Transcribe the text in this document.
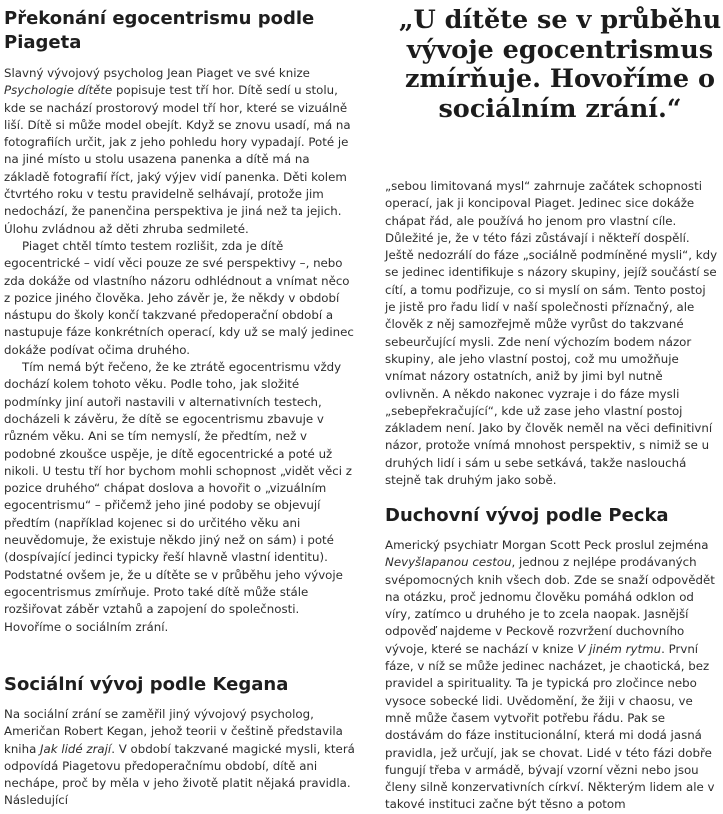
Překonání egocentrismu podle Piageta

Slavný vývojový psycholog Jean Piaget ve své knize Psychologie dítěte popisuje test tří hor. Dítě sedí u stolu, kde se nachází prostorový model tří hor, které se vizuálně liší. Dítě si může model obejít. Když se znovu usadí, má na fotografiích určit, jak z jeho pohledu hory vypadají. Poté je na jiné místo u stolu usazena panenka a dítě má na základě fotografií říct, jaký výjev vidí panenka. Děti kolem čtvrtého roku v testu pravidelně selhávají, protože jim nedochází, že panenčina perspektiva je jiná než ta jejich. Úlohu zvládnou až děti zhruba sedmileté.

Piaget chtěl tímto testem rozlišit, zda je dítě egocentrické – vidí věci pouze ze své perspektivy –, nebo zda dokáže od vlastního názoru odhlédnout a vnímat něco z pozice jiného člověka. Jeho závěr je, že někdy v období nástupu do školy končí takzvané předoperační období a nastupuje fáze konkrétních operací, kdy už se malý jedinec dokáže podívat očima druhého.

Tím nemá být řečeno, že ke ztrátě egocentrismu vždy dochází kolem tohoto věku. Podle toho, jak složité podmínky jiní autoři nastavili v alternativních testech, docházeli k závěru, že dítě se egocentrismu zbavuje v různém věku. Ani se tím nemyslí, že předtím, než v podobné zkoušce uspěje, je dítě egocentrické a poté už nikoli. U testu tří hor bychom mohli schopnost „vidět věci z pozice druhého“ chápat doslova a hovořit o „vizuálním egocentrismu“ – přičemž jeho jiné podoby se objevují předtím (například kojenec si do určitého věku ani neuvědomuje, že existuje někdo jiný než on sám) i poté (dospívající jedinci typicky řeší hlavně vlastní identitu). Podstatné ovšem je, že u dítěte se v průběhu jeho vývoje egocentrismus zmírňuje. Proto také dítě může stále rozšiřovat záběr vztahů a zapojení do společnosti. Hovoříme o sociálním zrání.

Sociální vývoj podle Kegana

Na sociální zrání se zaměřil jiný vývojový psycholog, Američan Robert Kegan, jehož teorii v češtině představila kniha Jak lidé zrají. V období takzvané magické mysli, která odpovídá Piagetovu předoperačnímu období, dítě ani nechápe, proč by měla v jeho životě platit nějaká pravidla. Následující

„U dítěte se v průběhu vývoje egocentrismus zmírňuje. Hovoříme o sociálním zrání.“

„sebou limitovaná mysl“ zahrnuje začátek schopnosti operací, jak ji koncipoval Piaget. Jedinec sice dokáže chápat řád, ale používá ho jenom pro vlastní cíle. Důležité je, že v této fázi zůstávají i někteří dospělí. Ještě nedozrálí do fáze „sociálně podmíněné mysli“, kdy se jedinec identifikuje s názory skupiny, jejíž součástí se cítí, a tomu podřizuje, co si myslí on sám. Tento postoj je jistě pro řadu lidí v naší společnosti příznačný, ale člověk z něj samozřejmě může vyrůst do takzvané sebeurčující mysli. Zde není výchozím bodem názor skupiny, ale jeho vlastní postoj, což mu umožňuje vnímat názory ostatních, aniž by jimi byl nutně ovlivněn. A někdo nakonec vyzraje i do fáze mysli „sebepřekračující“, kde už zase jeho vlastní postoj základem není. Jako by člověk neměl na věci definitivní názor, protože vnímá mnohost perspektiv, s nimiž se u druhých lidí i sám u sebe setkává, takže naslouchá stejně tak druhým jako sobě.

Duchovní vývoj podle Pecka

Americký psychiatr Morgan Scott Peck proslul zejména Nevyšlapanou cestou, jednou z nejlépe prodávaných svépomocných knih všech dob. Zde se snaží odpovědět na otázku, proč jednomu člověku pomáhá odklon od víry, zatímco u druhého je to zcela naopak. Jasnější odpověď najdeme v Peckově rozvržení duchovního vývoje, které se nachází v knize V jiném rytmu. První fáze, v níž se může jedinec nacházet, je chaotická, bez pravidel a spirituality. Ta je typická pro zločince nebo vysoce sobecké lidi. Uvědomění, že žiji v chaosu, ve mně může časem vytvořit potřebu řádu. Pak se dostávám do fáze institucionální, která mi dodá jasná pravidla, jež určují, jak se chovat. Lidé v této fázi dobře fungují třeba v armádě, bývají vzorní vězni nebo jsou členy silně konzervativních církví. Některým lidem ale v takové instituci začne být těsno a potom
